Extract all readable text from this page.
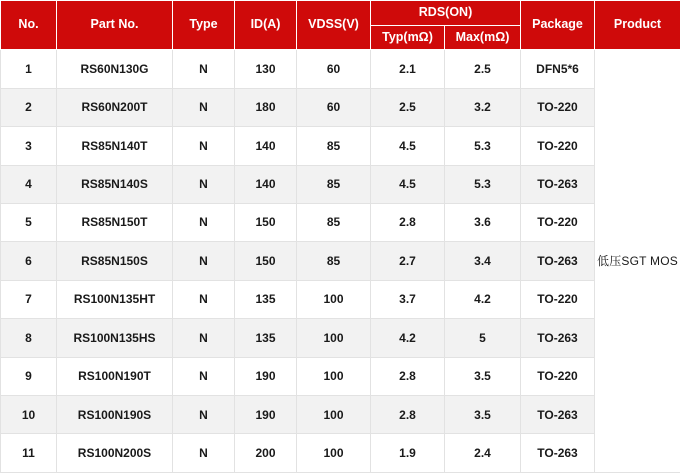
No.	Part No.	Type	ID(A)	VDSS(V)	RDS(ON)		Package	Product
					Typ(mΩ)	Max(mΩ)		
1	RS60N130G	N	130	60	2.1	2.5	DFN5*6	低压SGT MOS
2	RS60N200T	N	180	60	2.5	3.2	TO-220	
3	RS85N140T	N	140	85	4.5	5.3	TO-220	
4	RS85N140S	N	140	85	4.5	5.3	TO-263	
5	RS85N150T	N	150	85	2.8	3.6	TO-220	
6	RS85N150S	N	150	85	2.7	3.4	TO-263	
7	RS100N135HT	N	135	100	3.7	4.2	TO-220	
8	RS100N135HS	N	135	100	4.2	5	TO-263	
9	RS100N190T	N	190	100	2.8	3.5	TO-220	
10	RS100N190S	N	190	100	2.8	3.5	TO-263	
11	RS100N200S	N	200	100	1.9	2.4	TO-263	
